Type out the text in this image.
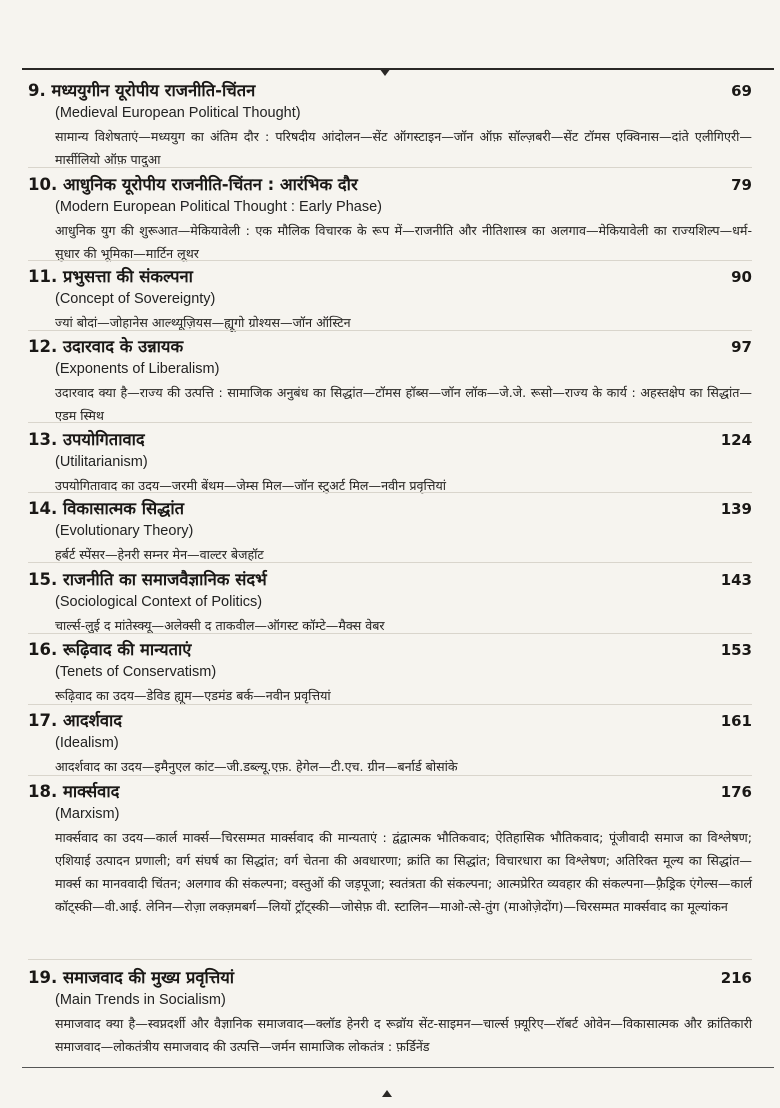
9. मध्ययुगीन यूरोपीय राजनीति-चिंतन	69
(Medieval European Political Thought)
सामान्य विशेषताएं—मध्ययुग का अंतिम दौर : परिषदीय आंदोलन—सेंट ऑगस्टाइन—जॉन ऑफ़ सॉल्ज़बरी—सेंट टॉमस एक्विनास—दांते एलीगिएरी—मार्सीलियो ऑफ़ पादुआ
10. आधुनिक यूरोपीय राजनीति-चिंतन : आरंभिक दौर	79
(Modern European Political Thought : Early Phase)
आधुनिक युग की शुरूआत—मेकियावेली : एक मौलिक विचारक के रूप में—राजनीति और नीतिशास्त्र का अलगाव—मेकियावेली का राज्यशिल्प—धर्म-सुधार की भूमिका—मार्टिन लूथर
11. प्रभुसत्ता की संकल्पना	90
(Concept of Sovereignty)
ज्यां बोदां—जोहानेस आल्थ्यूज़ियस—ह्यूगो ग्रोश्यस—जॉन ऑस्टिन
12. उदारवाद के उन्नायक	97
(Exponents of Liberalism)
उदारवाद क्या है—राज्य की उत्पत्ति : सामाजिक अनुबंध का सिद्धांत—टॉमस हॉब्स—जॉन लॉक—जे.जे. रूसो—राज्य के कार्य : अहस्तक्षेप का सिद्धांत—एडम स्मिथ
13. उपयोगितावाद	124
(Utilitarianism)
उपयोगितावाद का उदय—जरमी बेंथम—जेम्स मिल—जॉन स्टुअर्ट मिल—नवीन प्रवृत्तियां
14. विकासात्मक सिद्धांत	139
(Evolutionary Theory)
हर्बर्ट स्पेंसर—हेनरी सम्नर मेन—वाल्टर बेजहॉट
15. राजनीति का समाजवैज्ञानिक संदर्भ	143
(Sociological Context of Politics)
चार्ल्स-लुई द मांतेस्क्यू—अलेक्सी द ताकवील—ऑगस्ट कॉम्टे—मैक्स वेबर
16. रूढ़िवाद की मान्यताएं	153
(Tenets of Conservatism)
रूढ़िवाद का उदय—डेविड ह्यूम—एडमंड बर्क—नवीन प्रवृत्तियां
17. आदर्शवाद	161
(Idealism)
आदर्शवाद का उदय—इमैनुएल कांट—जी.डब्ल्यू.एफ़. हेगेल—टी.एच. ग्रीन—बर्नार्ड बोसांके
18. मार्क्सवाद	176
(Marxism)
मार्क्सवाद का उदय—कार्ल मार्क्स—चिरसम्मत मार्क्सवाद की मान्यताएं : द्वंद्वात्मक भौतिकवाद; ऐतिहासिक भौतिकवाद; पूंजीवादी समाज का विश्लेषण; एशियाई उत्पादन प्रणाली; वर्ग संघर्ष का सिद्धांत; वर्ग चेतना की अवधारणा; क्रांति का सिद्धांत; विचारधारा का विश्लेषण; अतिरिक्त मूल्य का सिद्धांत—मार्क्स का मानववादी चिंतन; अलगाव की संकल्पना; वस्तुओं की जड़पूजा; स्वतंत्रता की संकल्पना; आत्मप्रेरित व्यवहार की संकल्पना—फ़्रैड्रिक एंगेल्स—कार्ल कॉट्स्की—वी.आई. लेनिन—रोज़ा लक्ज़मबर्ग—लियों ट्रॉट्स्की—जोसेफ़ वी. स्टालिन—माओ-त्से-तुंग (माओज़ेदोंग)—चिरसम्मत मार्क्सवाद का मूल्यांकन
19. समाजवाद की मुख्य प्रवृत्तियां	216
(Main Trends in Socialism)
समाजवाद क्या है—स्वप्नदर्शी और वैज्ञानिक समाजवाद—क्लॉड हेनरी द रूव्रॉय सेंट-साइमन—चार्ल्स फ़्यूरिए—रॉबर्ट ओवेन—विकासात्मक और क्रांतिकारी समाजवाद—लोकतंत्रीय समाजवाद की उत्पत्ति—जर्मन सामाजिक लोकतंत्र : फ़र्डिनेंड
